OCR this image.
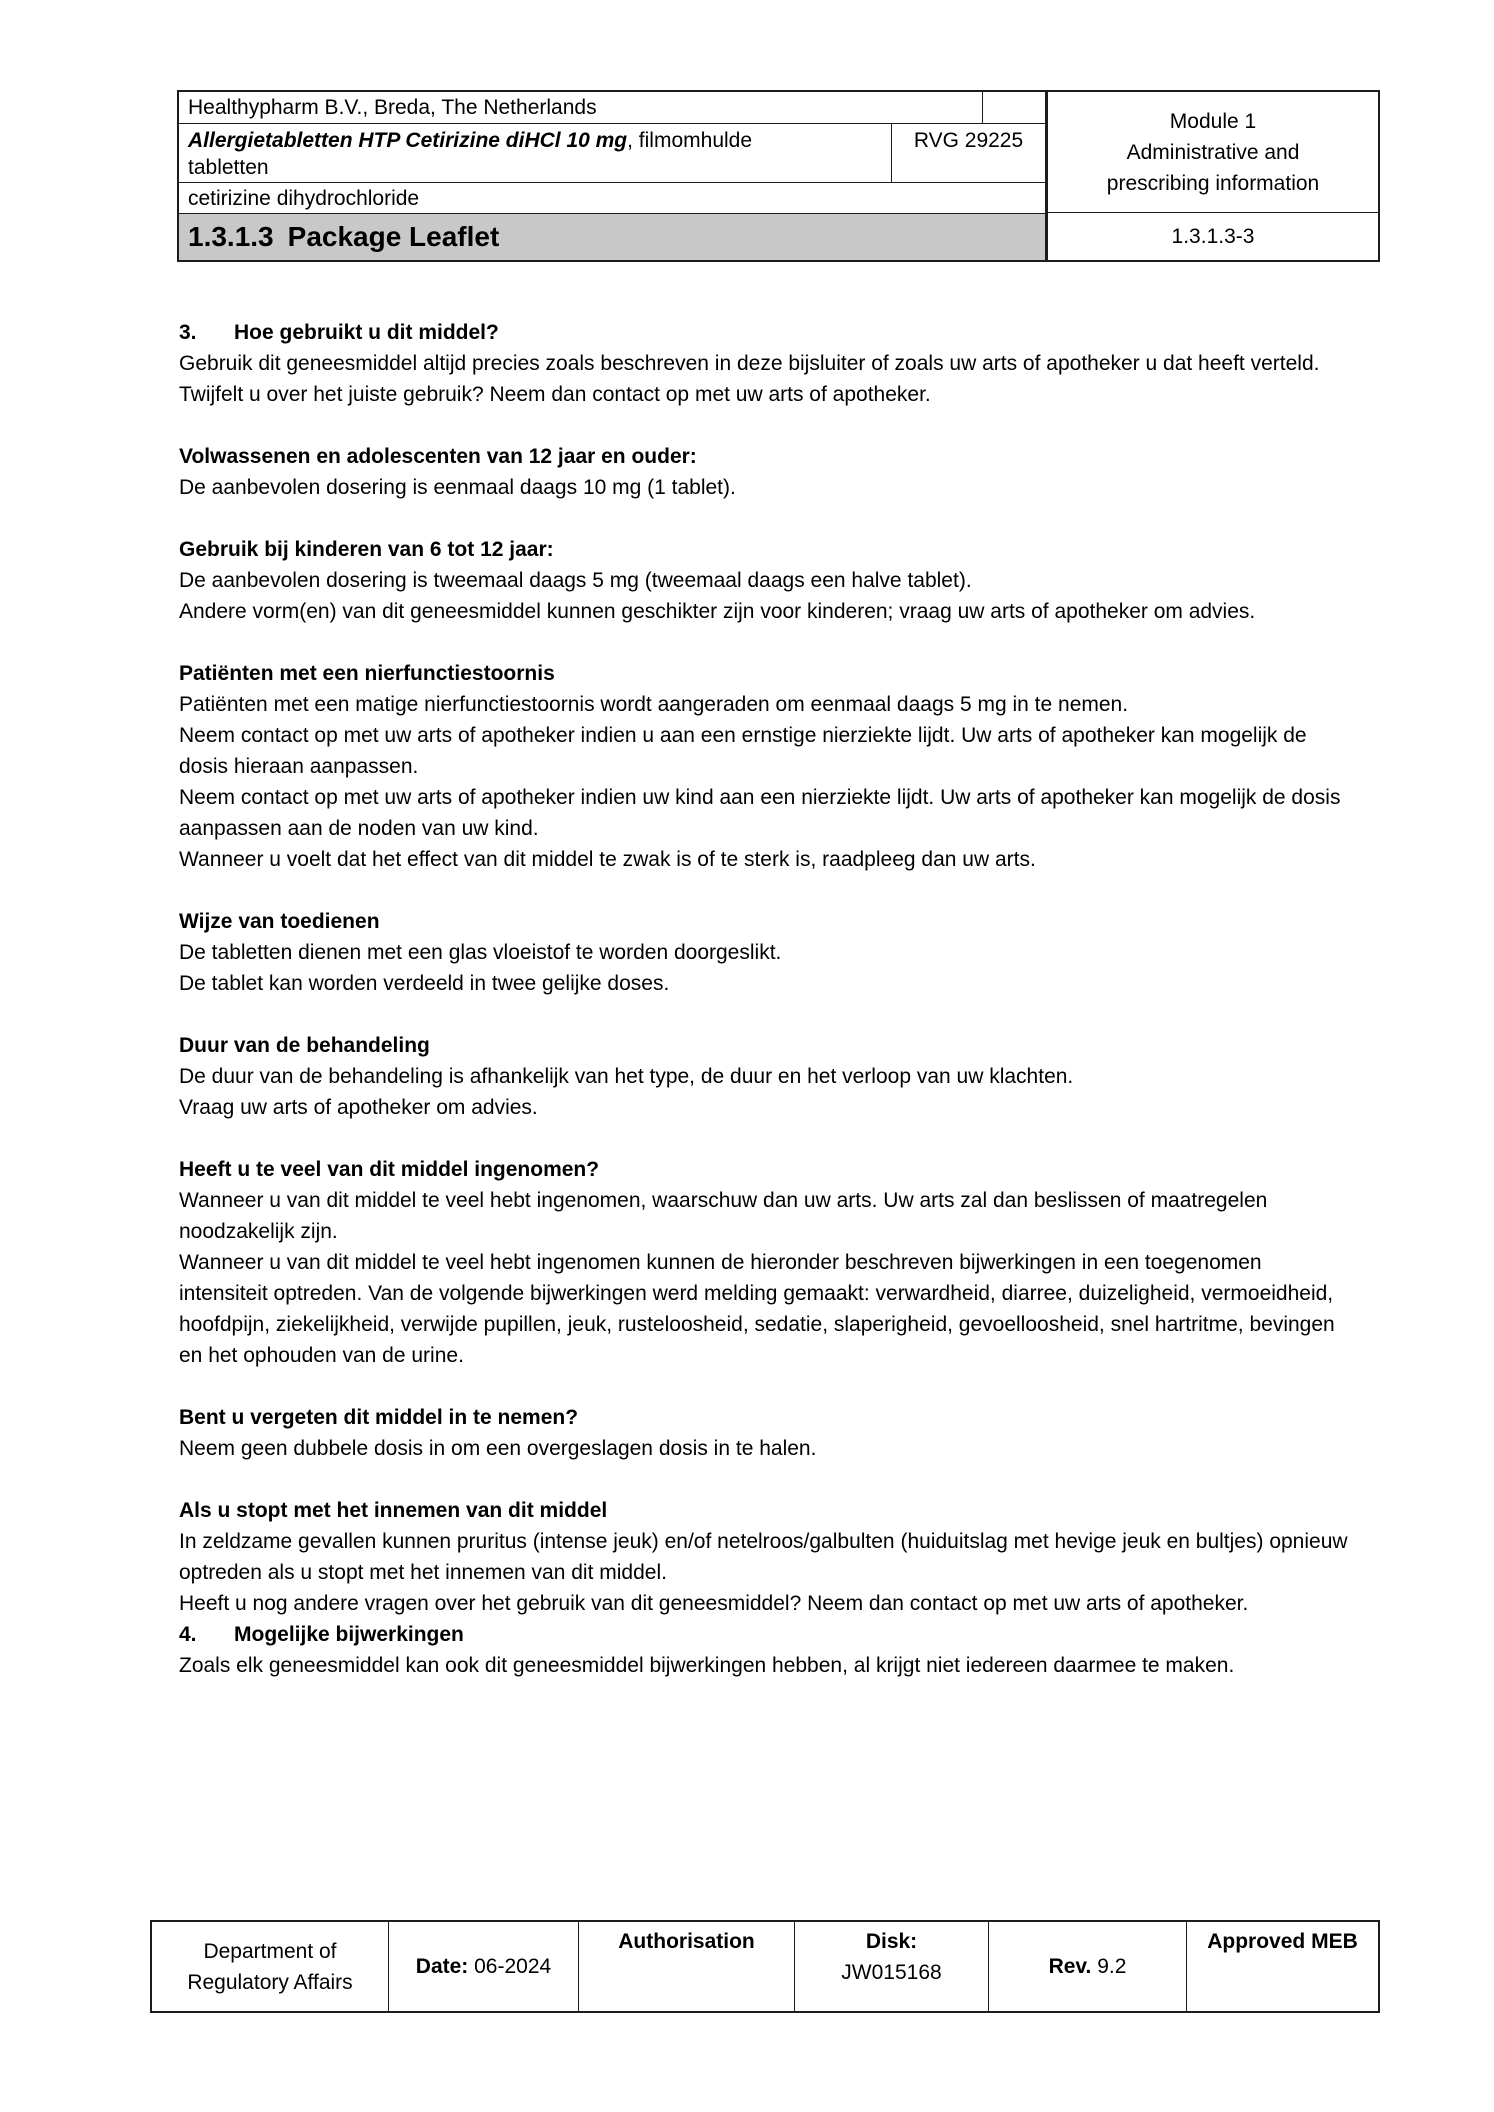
Healthypharm B.V., Breda, The Netherlands
Allergietabletten HTP Cetirizine diHCl 10 mg, filmomhulde
tabletten
RVG 29225
cetirizine dihydrochloride
1.3.1.3 Package Leaflet
Module 1
Administrative and
prescribing information
1.3.1.3-3

3. Hoe gebruikt u dit middel?

Gebruik dit geneesmiddel altijd precies zoals beschreven in deze bijsluiter of zoals uw arts of apotheker u dat heeft verteld. Twijfelt u over het juiste gebruik? Neem dan contact op met uw arts of apotheker.

Volwassenen en adolescenten van 12 jaar en ouder:

De aanbevolen dosering is eenmaal daags 10 mg (1 tablet).

Gebruik bij kinderen van 6 tot 12 jaar:

De aanbevolen dosering is tweemaal daags 5 mg (tweemaal daags een halve tablet).

Andere vorm(en) van dit geneesmiddel kunnen geschikter zijn voor kinderen; vraag uw arts of apotheker om advies.

Patiënten met een nierfunctiestoornis

Patiënten met een matige nierfunctiestoornis wordt aangeraden om eenmaal daags 5 mg in te nemen.

Neem contact op met uw arts of apotheker indien u aan een ernstige nierziekte lijdt. Uw arts of apotheker kan mogelijk de dosis hieraan aanpassen.

Neem contact op met uw arts of apotheker indien uw kind aan een nierziekte lijdt. Uw arts of apotheker kan mogelijk de dosis aanpassen aan de noden van uw kind.

Wanneer u voelt dat het effect van dit middel te zwak is of te sterk is, raadpleeg dan uw arts.

Wijze van toedienen

De tabletten dienen met een glas vloeistof te worden doorgeslikt.

De tablet kan worden verdeeld in twee gelijke doses.

Duur van de behandeling

De duur van de behandeling is afhankelijk van het type, de duur en het verloop van uw klachten.

Vraag uw arts of apotheker om advies.

Heeft u te veel van dit middel ingenomen?

Wanneer u van dit middel te veel hebt ingenomen, waarschuw dan uw arts. Uw arts zal dan beslissen of maatregelen noodzakelijk zijn.

Wanneer u van dit middel te veel hebt ingenomen kunnen de hieronder beschreven bijwerkingen in een toegenomen intensiteit optreden. Van de volgende bijwerkingen werd melding gemaakt: verwardheid, diarree, duizeligheid, vermoeidheid, hoofdpijn, ziekelijkheid, verwijde pupillen, jeuk, rusteloosheid, sedatie, slaperigheid, gevoelloosheid, snel hartritme, bevingen en het ophouden van de urine.

Bent u vergeten dit middel in te nemen?

Neem geen dubbele dosis in om een overgeslagen dosis in te halen.

Als u stopt met het innemen van dit middel

In zeldzame gevallen kunnen pruritus (intense jeuk) en/of netelroos/galbulten (huiduitslag met hevige jeuk en bultjes) opnieuw optreden als u stopt met het innemen van dit middel.

Heeft u nog andere vragen over het gebruik van dit geneesmiddel? Neem dan contact op met uw arts of apotheker.

4. Mogelijke bijwerkingen

Zoals elk geneesmiddel kan ook dit geneesmiddel bijwerkingen hebben, al krijgt niet iedereen daarmee te maken.

Department of Regulatory Affairs
Date: 06-2024
Authorisation	Disk:
JW015168	Rev. 9.2
Approved MEB
